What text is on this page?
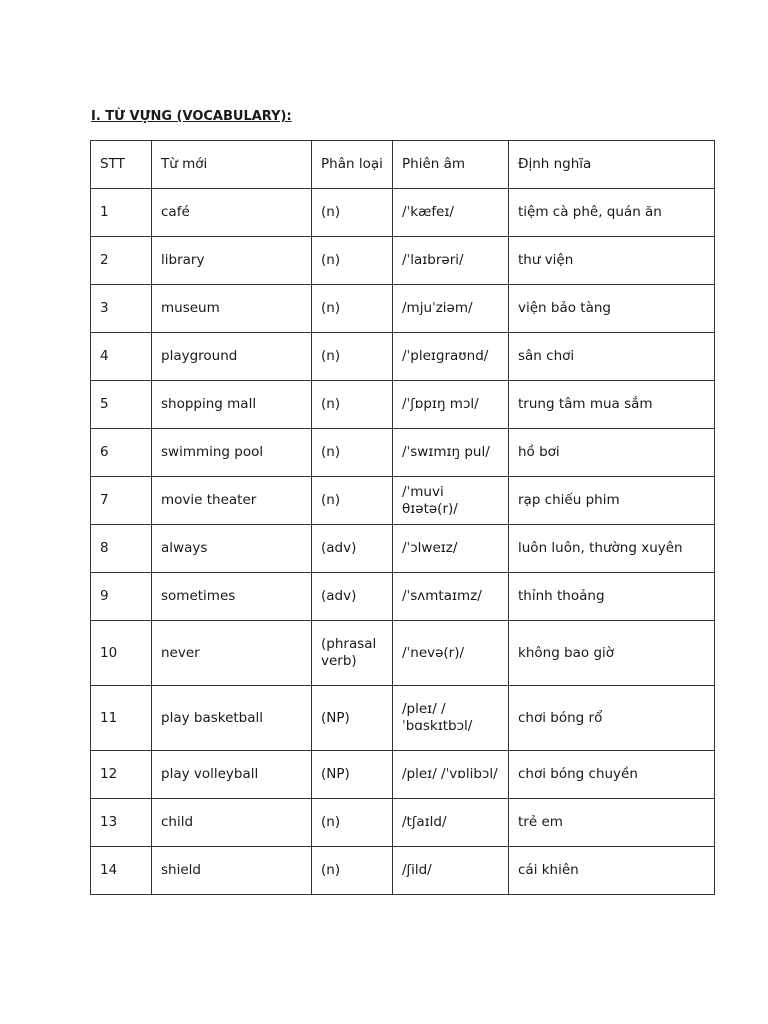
I. TỪ VỰNG (VOCABULARY):
STT	Từ mới	Phân loại	Phiên âm	Định nghĩa
1	café	(n)	/ˈkæfeɪ/	tiệm cà phê, quán ăn
2	library	(n)	/ˈlaɪbrəri/	thư viện
3	museum	(n)	/mjuˈziəm/	viện bảo tàng
4	playground	(n)	/ˈpleɪɡraʊnd/	sân chơi
5	shopping mall	(n)	/ˈʃɒpɪŋ mɔl/	trung tâm mua sắm
6	swimming pool	(n)	/ˈswɪmɪŋ pul/	hồ bơi
7	movie theater	(n)	/ˈmuvi θɪətə(r)/	rạp chiếu phim
8	always	(adv)	/ˈɔlweɪz/	luôn luôn, thường xuyên
9	sometimes	(adv)	/ˈsʌmtaɪmz/	thỉnh thoảng
10	never	(phrasal verb)	/ˈnevə(r)/	không bao giờ
11	play basketball	(NP)	/pleɪ/ /ˈbɑskɪtbɔl/	chơi bóng rổ
12	play volleyball	(NP)	/pleɪ/ /ˈvɒlibɔl/	chơi bóng chuyền
13	child	(n)	/tʃaɪld/	trẻ em
14	shield	(n)	/ʃild/	cái khiên
